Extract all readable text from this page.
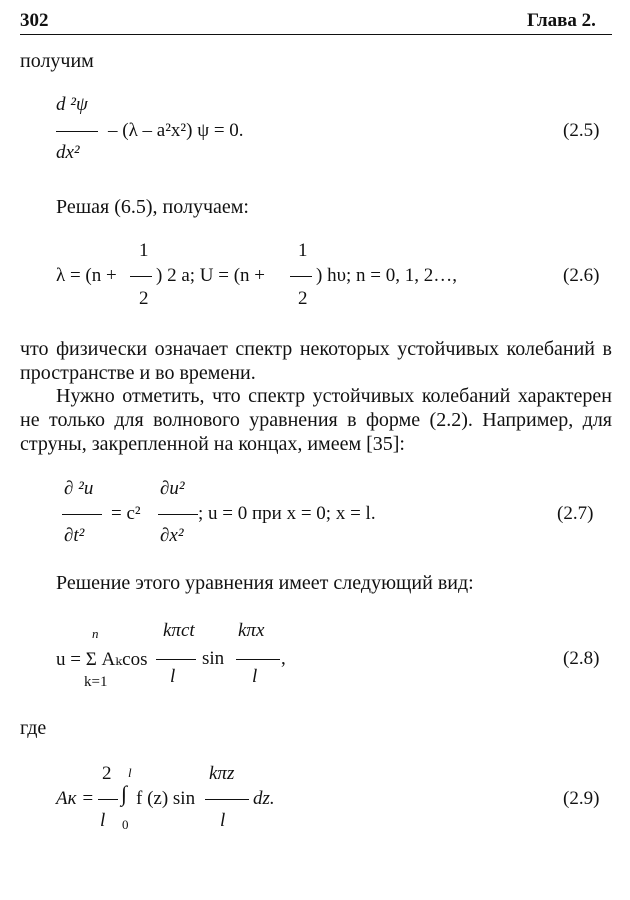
302	Глава 2.
получим
d ²ψ
dx²
– (λ – a²x²) ψ = 0.	(2.5)
Решая (6.5), получаем:
λ = (n +
1
2
) 2 a; U = (n +
1
2
) hυ; n = 0, 1, 2…,	(2.6)
что физически означает спектр некоторых устойчивых колебаний в пространстве и во времени.
Нужно отметить, что спектр устойчивых колебаний характерен не только для волнового уравнения в форме (2.2). Например, для струны, закрепленной на концах, имеем [35]:
∂ ²u
∂t²
= c²
∂u²
∂x²
; u = 0 при x = 0; x = l.	(2.7)
Решение этого уравнения имеет следующий вид:
n
u = Σ Aₖcos
k=1
kπct
l
sin
kπx
l
,	(2.8)
где
Aк =
2
l
l
∫
0
f (z) sin
kπz
l
dz.	(2.9)
